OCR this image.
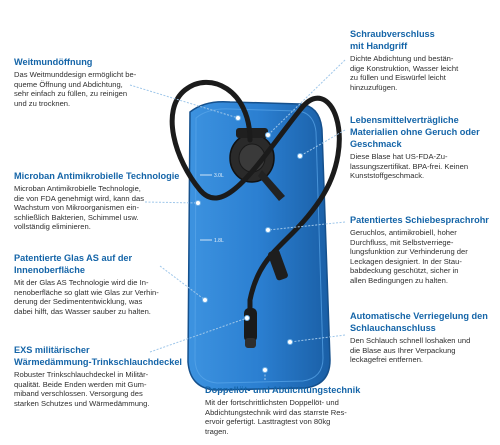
3.0L
1.8L
Weitmundöffnung
Das Weitmunddesign ermöglicht be-
queme Öffnung und Abdichtung,
sehr einfach zu füllen, zu reinigen
und zu trocknen.
Microban Antimikrobielle Technologie
Microban Antimikrobielle Technologie,
die von FDA genehmigt wird, kann das
Wachstum von Mikroorganismen ein-
schließlich Bakterien, Schimmel usw.
vollständig eliminieren.
Patentierte Glas AS auf der
Innenoberfläche
Mit der Glas AS Technologie wird die In-
nenoberfläche so glatt wie Glas zur Verhin-
derung der Sedimententwicklung, was
dabei hilft, das Wasser sauber zu halten.
EXS militärischer
Wärmedämmung-Trinkschlauchdeckel
Robuster Trinkschlauchdeckel in Militär-
qualität. Beide Enden werden mit Gum-
miband verschlossen. Versorgung des
starken Schutzes und Wärmedämmung.
Schraubverschluss
mit Handgriff
Dichte Abdichtung und bestän-
dige Konstruktion, Wasser leicht
zu füllen und Eiswürfel leicht
hinzuzufügen.
Lebensmittelverträgliche
Materialien ohne Geruch oder
Geschmack
Diese Blase hat US-FDA-Zu-
lassungszertifikat. BPA-frei. Keinen
Kunststoffgeschmack.
Patentiertes Schiebesprachrohr
Geruchlos, antimikrobiell, hoher
Durchfluss, mit Selbstverriege-
lungsfunktion zur Verhinderung der
Leckagen designiert. In der Stau-
babdeckung geschützt, sicher in
allen Bedingungen zu halten.
Automatische Verriegelung den
Schlauchanschluss
Den Schlauch schnell loshaken und
die Blase aus Ihrer Verpackung
leckagefrei entfernen.
Doppellöt- und Abdichtungstechnik
Mit der fortschrittlichsten Doppellöt- und
Abdichtungstechnik wird das starrste Res-
ervoir gefertigt. Lasttragtest von 80kg
tragen.
